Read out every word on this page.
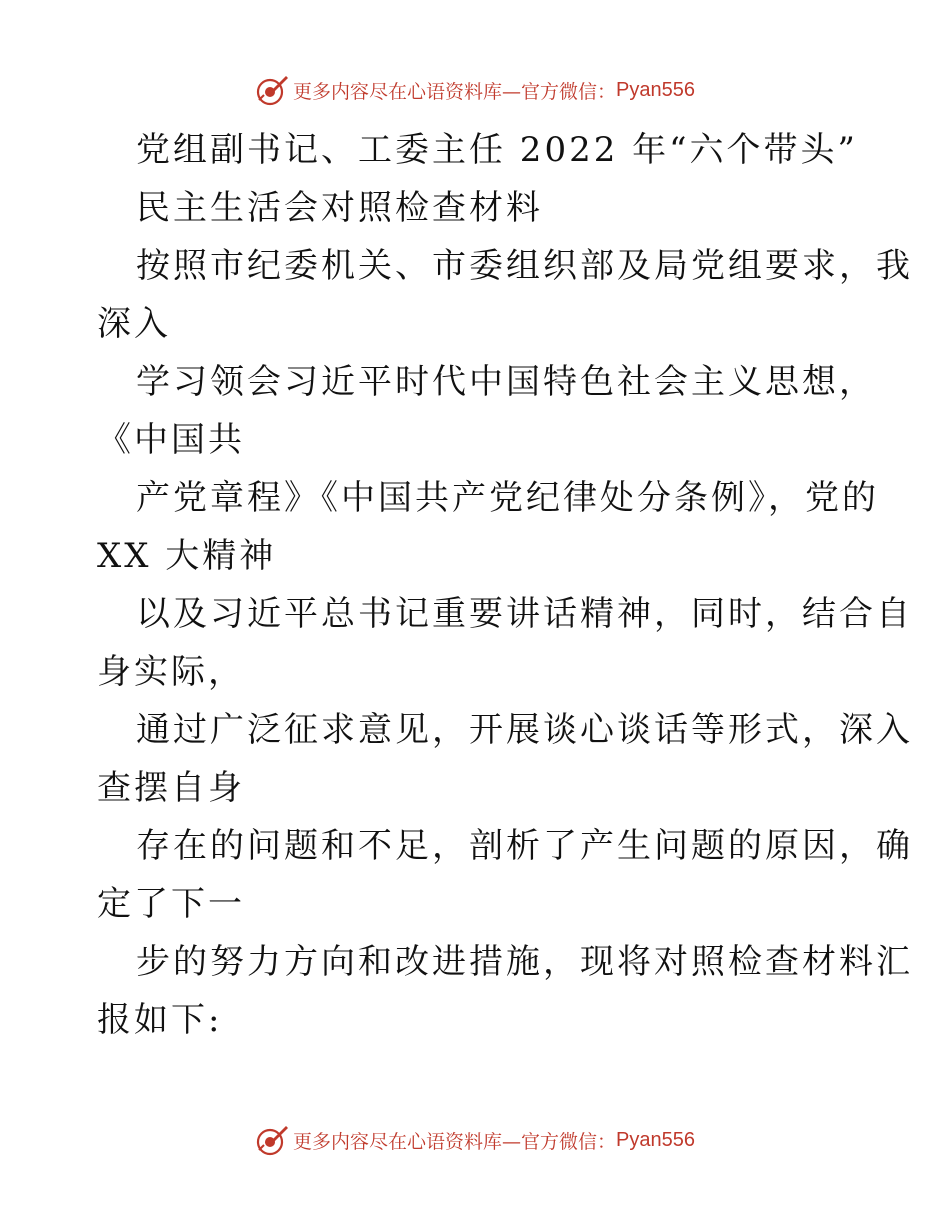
更多内容尽在心语资料库—官方微信： Pyan556
党组副书记、工委主任 2022 年“六个带头”
民主生活会对照检查材料
按照市纪委机关、市委组织部及局党组要求，我
深入
学习领会习近平时代中国特色社会主义思想，
《中国共
产党章程》《中国共产党纪律处分条例》，党的
XX 大精神
以及习近平总书记重要讲话精神，同时，结合自
身实际，
通过广泛征求意见，开展谈心谈话等形式，深入
查摆自身
存在的问题和不足，剖析了产生问题的原因，确
定了下一
步的努力方向和改进措施，现将对照检查材料汇
报如下:
更多内容尽在心语资料库—官方微信： Pyan556
